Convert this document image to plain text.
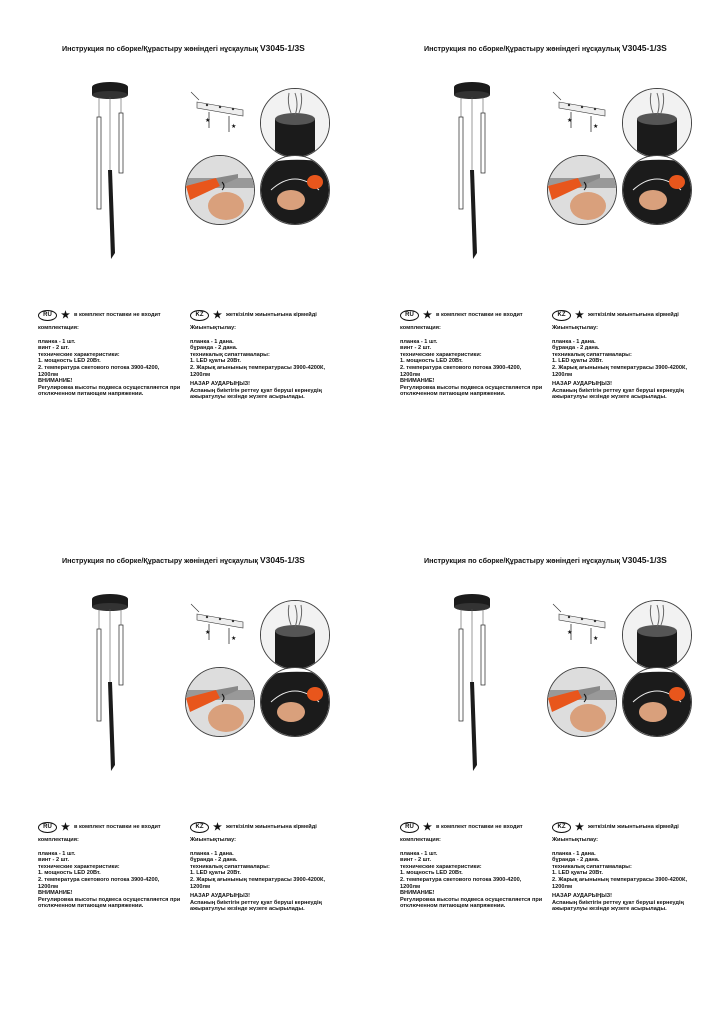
Инструкция по сборке/Құрастыру жөніндегі нұсқаулық V3045-1/3S
★
★
RU ★ в комплект поставки не входит

комплектация:

планка - 1 шт.

винт - 2 шт.

технические характеристики:

1. мощность LED 20Вт.

2. температура светового потока 3900-4200,

1200лм

ВНИМАНИЕ!

Регулировка высоты подвеса осуществляется при отключенном питающем напряжении.

KZ ★ жеткізілім жиынтығына кірмейді

Жиынтықтылау:

планка - 1 дана.

бұранда - 2 дана.

техникалық сипаттамалары:

1. LED қуаты 20Вт.

2. Жарық ағынының температурасы 3900-4200К,

1200лм

НАЗАР АУДАРЫҢЫЗ!

Аспаның биіктігін реттеу қуат беруші кернеудің ажыратулуы кезінде жүзеге асырылады.

Инструкция по сборке/Құрастыру жөніндегі нұсқаулық V3045-1/3S
★
★
RU ★ в комплект поставки не входит

комплектация:

планка - 1 шт.

винт - 2 шт.

технические характеристики:

1. мощность LED 20Вт.

2. температура светового потока 3900-4200,

1200лм

ВНИМАНИЕ!

Регулировка высоты подвеса осуществляется при отключенном питающем напряжении.

KZ ★ жеткізілім жиынтығына кірмейді

Жиынтықтылау:

планка - 1 дана.

бұранда - 2 дана.

техникалық сипаттамалары:

1. LED қуаты 20Вт.

2. Жарық ағынының температурасы 3900-4200К,

1200лм

НАЗАР АУДАРЫҢЫЗ!

Аспаның биіктігін реттеу қуат беруші кернеудің ажыратулуы кезінде жүзеге асырылады.

Инструкция по сборке/Құрастыру жөніндегі нұсқаулық V3045-1/3S
★
★
RU ★ в комплект поставки не входит

комплектация:

планка - 1 шт.

винт - 2 шт.

технические характеристики:

1. мощность LED 20Вт.

2. температура светового потока 3900-4200,

1200лм

ВНИМАНИЕ!

Регулировка высоты подвеса осуществляется при отключенном питающем напряжении.

KZ ★ жеткізілім жиынтығына кірмейді

Жиынтықтылау:

планка - 1 дана.

бұранда - 2 дана.

техникалық сипаттамалары:

1. LED қуаты 20Вт.

2. Жарық ағынының температурасы 3900-4200К,

1200лм

НАЗАР АУДАРЫҢЫЗ!

Аспаның биіктігін реттеу қуат беруші кернеудің ажыратулуы кезінде жүзеге асырылады.

Инструкция по сборке/Құрастыру жөніндегі нұсқаулық V3045-1/3S
★
★
RU ★ в комплект поставки не входит

комплектация:

планка - 1 шт.

винт - 2 шт.

технические характеристики:

1. мощность LED 20Вт.

2. температура светового потока 3900-4200,

1200лм

ВНИМАНИЕ!

Регулировка высоты подвеса осуществляется при отключенном питающем напряжении.

KZ ★ жеткізілім жиынтығына кірмейді

Жиынтықтылау:

планка - 1 дана.

бұранда - 2 дана.

техникалық сипаттамалары:

1. LED қуаты 20Вт.

2. Жарық ағынының температурасы 3900-4200К,

1200лм

НАЗАР АУДАРЫҢЫЗ!

Аспаның биіктігін реттеу қуат беруші кернеудің ажыратулуы кезінде жүзеге асырылады.
